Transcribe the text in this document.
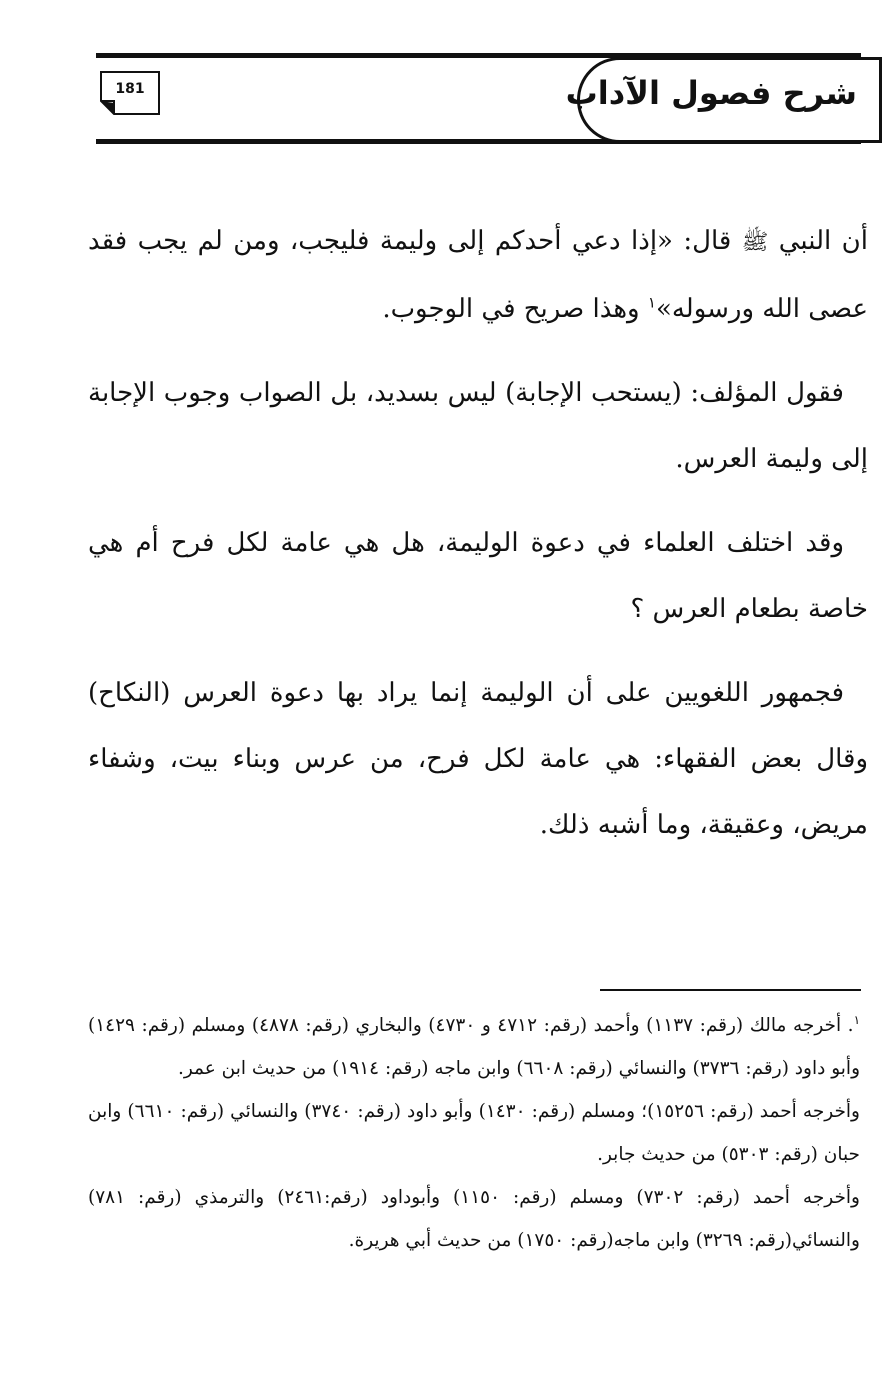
شرح فصول الآداب
181

أن النبي ﷺ قال: «إذا دعي أحدكم إلى وليمة فليجب، ومن لم يجب فقد عصى الله ورسوله»$^١$ وهذا صريح في الوجوب.

فقول المؤلف: (يستحب الإجابة) ليس بسديد، بل الصواب وجوب الإجابة إلى وليمة العرس.

وقد اختلف العلماء في دعوة الوليمة، هل هي عامة لكل فرح أم هي خاصة بطعام العرس ؟

فجمهور اللغويين على أن الوليمة إنما يراد بها دعوة العرس (النكاح) وقال بعض الفقهاء: هي عامة لكل فرح، من عرس وبناء بيت، وشفاء مريض، وعقيقة، وما أشبه ذلك.

$^١$. أخرجه مالك (رقم: ١١٣٧) وأحمد (رقم: ٤٧١٢ و ٤٧٣٠) والبخاري (رقم: ٤٨٧٨) ومسلم (رقم: ١٤٢٩) وأبو داود (رقم: ٣٧٣٦) والنسائي (رقم: ٦٦٠٨) وابن ماجه (رقم: ١٩١٤) من حديث ابن عمر.

وأخرجه أحمد (رقم: ١٥٢٥٦)؛ ومسلم (رقم: ١٤٣٠) وأبو داود (رقم: ٣٧٤٠) والنسائي (رقم: ٦٦١٠) وابن حبان (رقم: ٥٣٠٣) من حديث جابر.

وأخرجه أحمد (رقم: ٧٣٠٢) ومسلم (رقم: ١١٥٠) وأبوداود (رقم:٢٤٦١) والترمذي (رقم: ٧٨١) والنسائي(رقم: ٣٢٦٩) وابن ماجه(رقم: ١٧٥٠) من حديث أبي هريرة.
